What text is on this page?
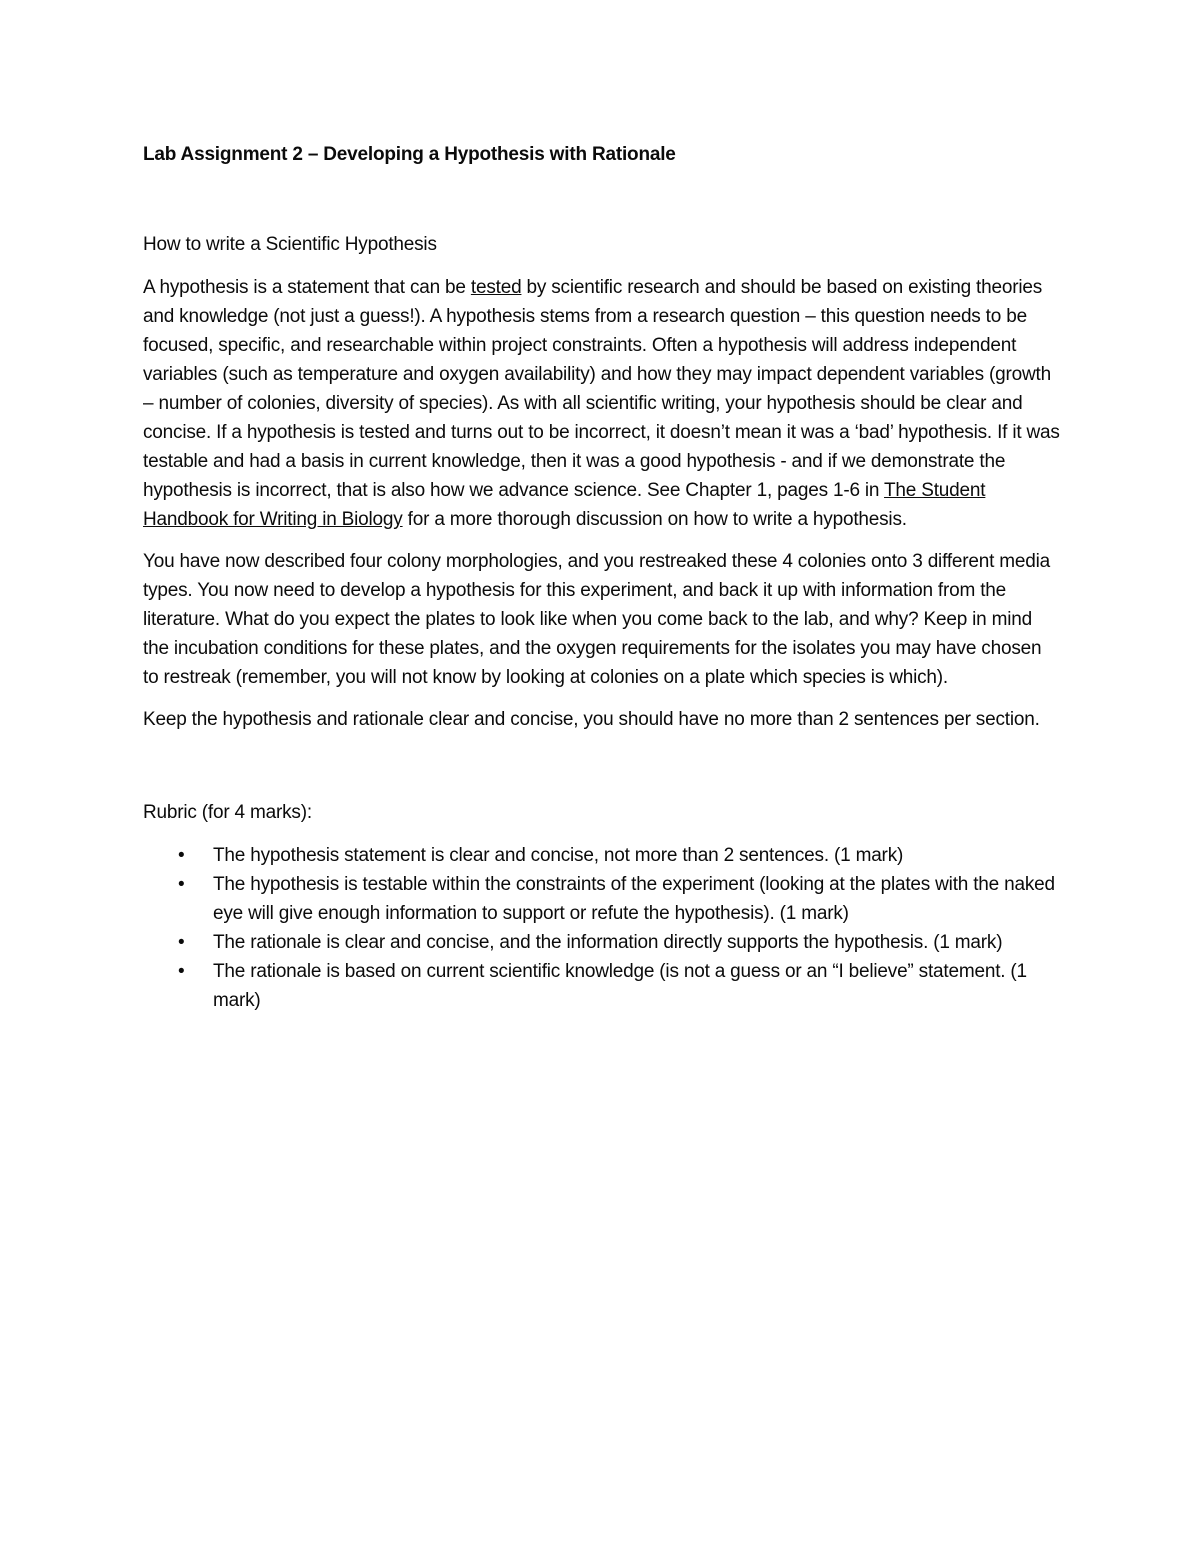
Lab Assignment 2 – Developing a Hypothesis with Rationale

How to write a Scientific Hypothesis

A hypothesis is a statement that can be tested by scientific research and should be based on existing theories and knowledge (not just a guess!). A hypothesis stems from a research question – this question needs to be focused, specific, and researchable within project constraints. Often a hypothesis will address independent variables (such as temperature and oxygen availability) and how they may impact dependent variables (growth – number of colonies, diversity of species). As with all scientific writing, your hypothesis should be clear and concise. If a hypothesis is tested and turns out to be incorrect, it doesn’t mean it was a ‘bad’ hypothesis. If it was testable and had a basis in current knowledge, then it was a good hypothesis - and if we demonstrate the hypothesis is incorrect, that is also how we advance science. See Chapter 1, pages 1-6 in The Student Handbook for Writing in Biology for a more thorough discussion on how to write a hypothesis.

You have now described four colony morphologies, and you restreaked these 4 colonies onto 3 different media types. You now need to develop a hypothesis for this experiment, and back it up with information from the literature. What do you expect the plates to look like when you come back to the lab, and why? Keep in mind the incubation conditions for these plates, and the oxygen requirements for the isolates you may have chosen to restreak (remember, you will not know by looking at colonies on a plate which species is which).

Keep the hypothesis and rationale clear and concise, you should have no more than 2 sentences per section.

Rubric (for 4 marks):

• The hypothesis statement is clear and concise, not more than 2 sentences. (1 mark)
• The hypothesis is testable within the constraints of the experiment (looking at the plates with the naked eye will give enough information to support or refute the hypothesis). (1 mark)
• The rationale is clear and concise, and the information directly supports the hypothesis. (1 mark)
• The rationale is based on current scientific knowledge (is not a guess or an “I believe” statement. (1 mark)
